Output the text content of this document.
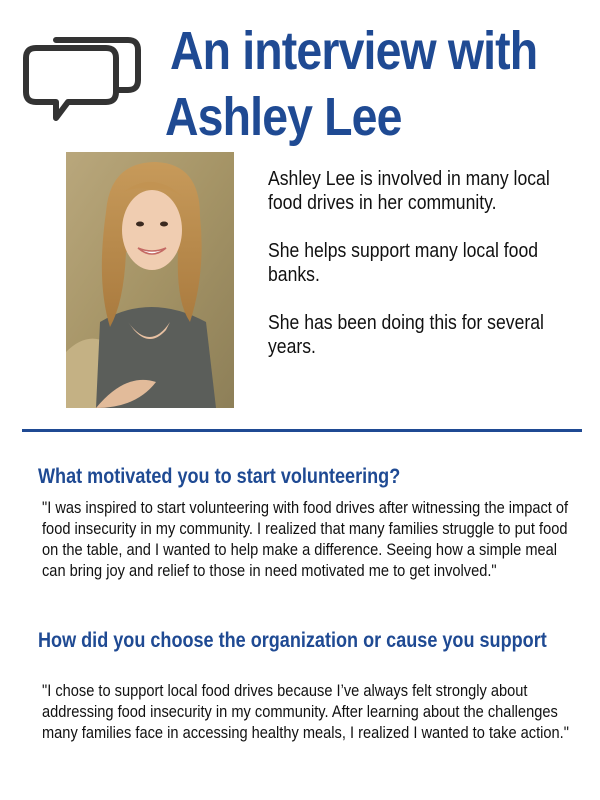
An interview with
Ashley Lee

Ashley Lee is involved in many local food drives in her community.

She helps support many local food banks.

She has been doing this for several years.

What motivated you to start volunteering?

"I was inspired to start volunteering with food drives after witnessing the impact of food insecurity in my community. I realized that many families struggle to put food on the table, and I wanted to help make a difference. Seeing how a simple meal can bring joy and relief to those in need motivated me to get involved."

How did you choose the organization or cause you support

"I chose to support local food drives because I’ve always felt strongly about addressing food insecurity in my community. After learning about the challenges many families face in accessing healthy meals, I realized I wanted to take action."
